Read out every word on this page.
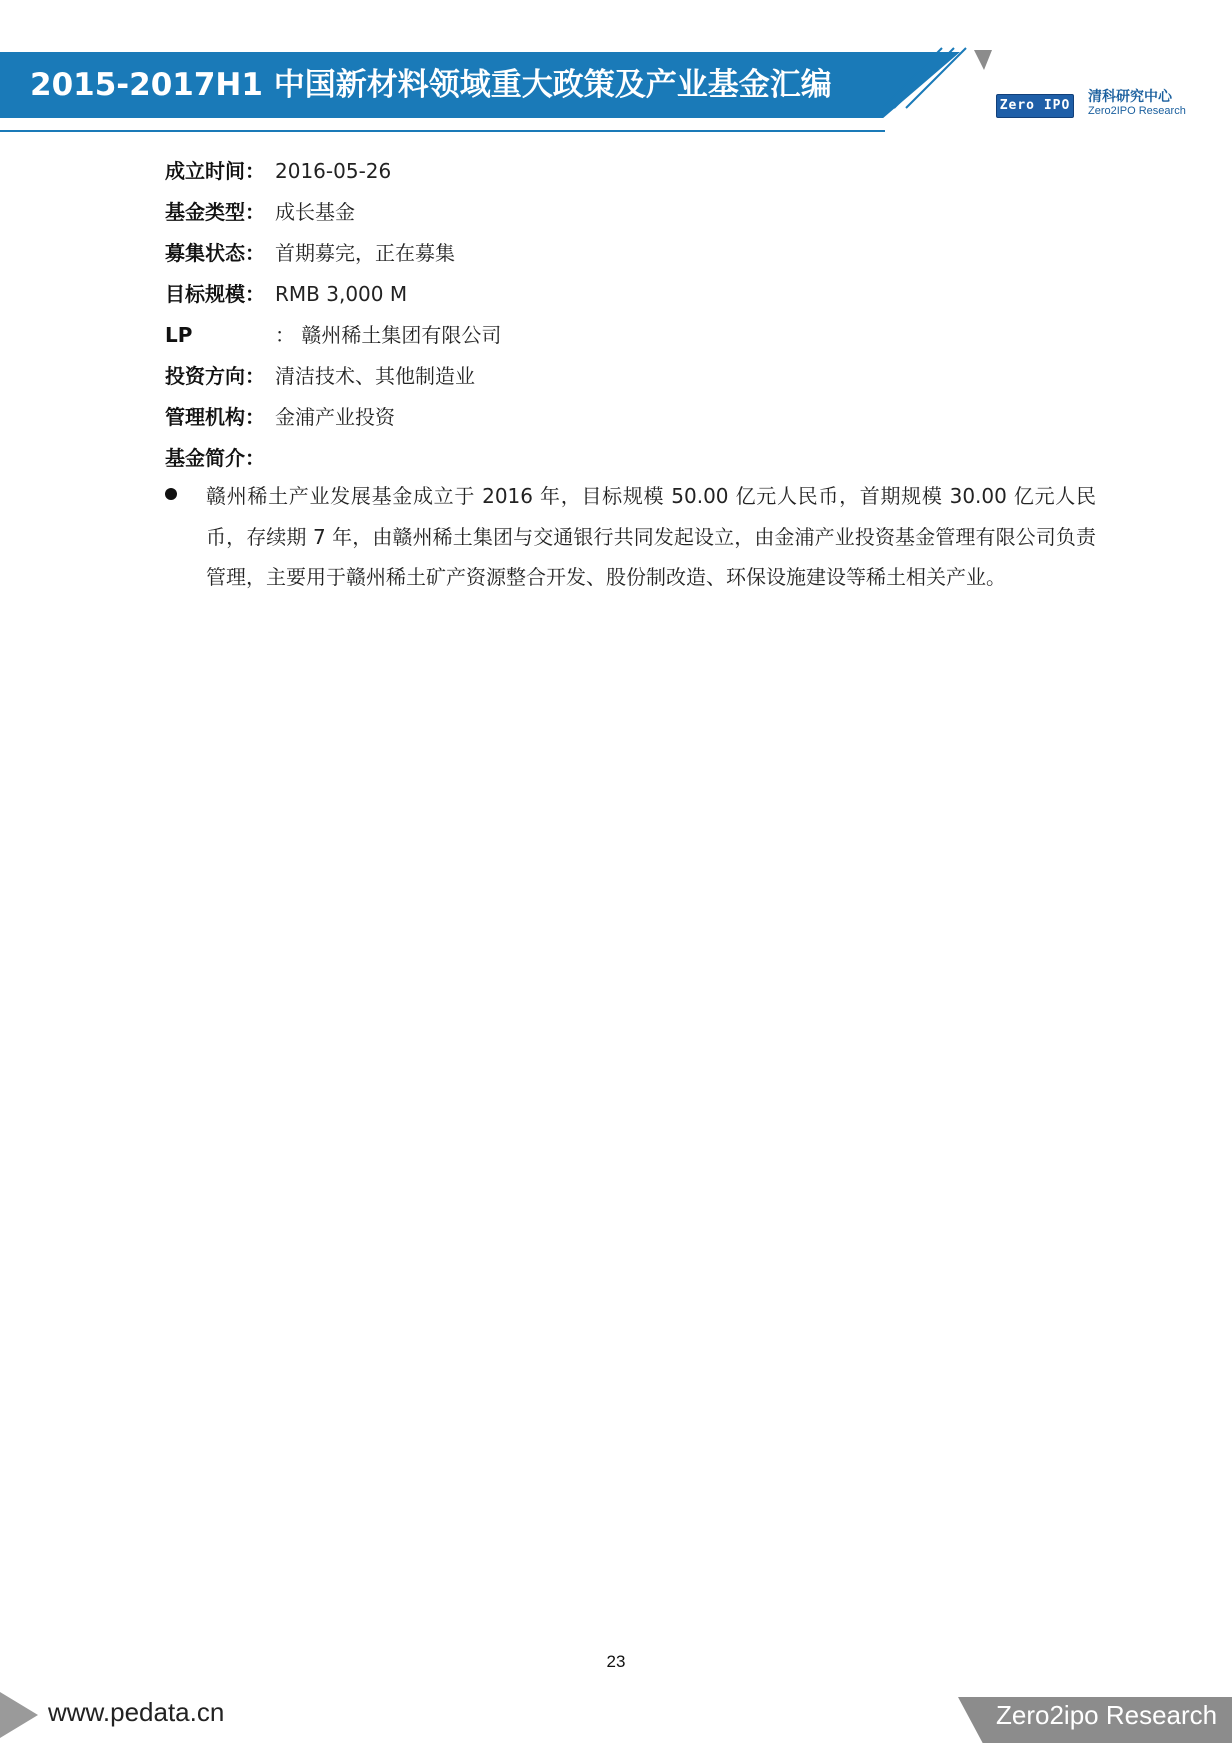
2015-2017H1 中国新材料领域重大政策及产业基金汇编
Zero IPO
清科研究中心
Zero2IPO Research
成立时间： 2016-05-26
基金类型： 成长基金
募集状态： 首期募完，正在募集
目标规模： RMB 3,000 M
LP	： 赣州稀土集团有限公司
投资方向： 清洁技术、其他制造业
管理机构： 金浦产业投资
基金简介：
赣州稀土产业发展基金成立于 2016 年，目标规模 50.00 亿元人民币，首期规模 30.00 亿元人民币，存续期 7 年，由赣州稀土集团与交通银行共同发起设立，由金浦产业投资基金管理有限公司负责管理，主要用于赣州稀土矿产资源整合开发、股份制改造、环保设施建设等稀土相关产业。
23
www.pedata.cn	Zero2ipo Research
